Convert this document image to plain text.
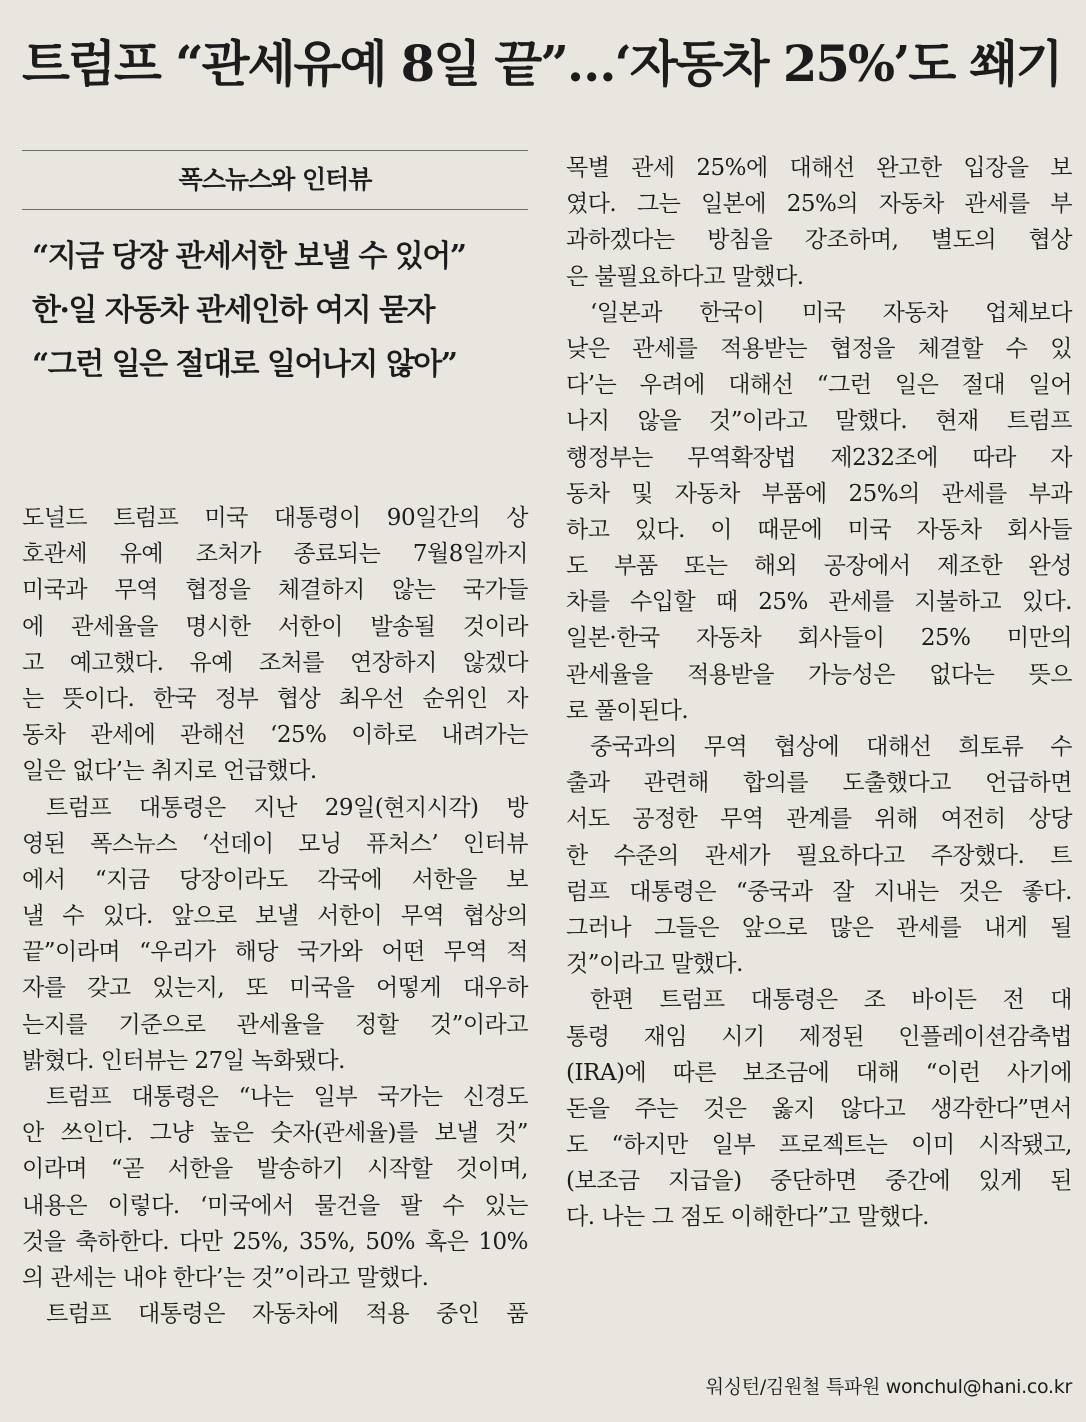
트럼프 “관세유예 8일 끝”…‘자동차 25%’도 쐐기
폭스뉴스와 인터뷰
“지금 당장 관세서한 보낼 수 있어”
한·일 자동차 관세인하 여지 묻자
“그런 일은 절대로 일어나지 않아”
도널드 트럼프 미국 대통령이 90일간의 상
호관세 유예 조처가 종료되는 7월8일까지
미국과 무역 협정을 체결하지 않는 국가들
에 관세율을 명시한 서한이 발송될 것이라
고 예고했다. 유예 조처를 연장하지 않겠다
는 뜻이다. 한국 정부 협상 최우선 순위인 자
동차 관세에 관해선 ‘25% 이하로 내려가는
일은 없다’는 취지로 언급했다.
트럼프 대통령은 지난 29일(현지시각) 방
영된 폭스뉴스 ‘선데이 모닝 퓨처스’ 인터뷰
에서 “지금 당장이라도 각국에 서한을 보
낼 수 있다. 앞으로 보낼 서한이 무역 협상의
끝”이라며 “우리가 해당 국가와 어떤 무역 적
자를 갖고 있는지, 또 미국을 어떻게 대우하
는지를 기준으로 관세율을 정할 것”이라고
밝혔다. 인터뷰는 27일 녹화됐다.
트럼프 대통령은 “나는 일부 국가는 신경도
안 쓰인다. 그냥 높은 숫자(관세율)를 보낼 것”
이라며 “곧 서한을 발송하기 시작할 것이며,
내용은 이렇다. ‘미국에서 물건을 팔 수 있는
것을 축하한다. 다만 25%, 35%, 50% 혹은 10%
의 관세는 내야 한다’는 것”이라고 말했다.
트럼프 대통령은 자동차에 적용 중인 품
목별 관세 25%에 대해선 완고한 입장을 보
였다. 그는 일본에 25%의 자동차 관세를 부
과하겠다는 방침을 강조하며, 별도의 협상
은 불필요하다고 말했다.
‘일본과 한국이 미국 자동차 업체보다
낮은 관세를 적용받는 협정을 체결할 수 있
다’는 우려에 대해선 “그런 일은 절대 일어
나지 않을 것”이라고 말했다. 현재 트럼프
행정부는 무역확장법 제232조에 따라 자
동차 및 자동차 부품에 25%의 관세를 부과
하고 있다. 이 때문에 미국 자동차 회사들
도 부품 또는 해외 공장에서 제조한 완성
차를 수입할 때 25% 관세를 지불하고 있다.
일본·한국 자동차 회사들이 25% 미만의
관세율을 적용받을 가능성은 없다는 뜻으
로 풀이된다.
중국과의 무역 협상에 대해선 희토류 수
출과 관련해 합의를 도출했다고 언급하면
서도 공정한 무역 관계를 위해 여전히 상당
한 수준의 관세가 필요하다고 주장했다. 트
럼프 대통령은 “중국과 잘 지내는 것은 좋다.
그러나 그들은 앞으로 많은 관세를 내게 될
것”이라고 말했다.
한편 트럼프 대통령은 조 바이든 전 대
통령 재임 시기 제정된 인플레이션감축법
(IRA)에 따른 보조금에 대해 “이런 사기에
돈을 주는 것은 옳지 않다고 생각한다”면서
도 “하지만 일부 프로젝트는 이미 시작됐고,
(보조금 지급을) 중단하면 중간에 있게 된
다. 나는 그 점도 이해한다”고 말했다.
워싱턴/김원철 특파원 wonchul@hani.co.kr
